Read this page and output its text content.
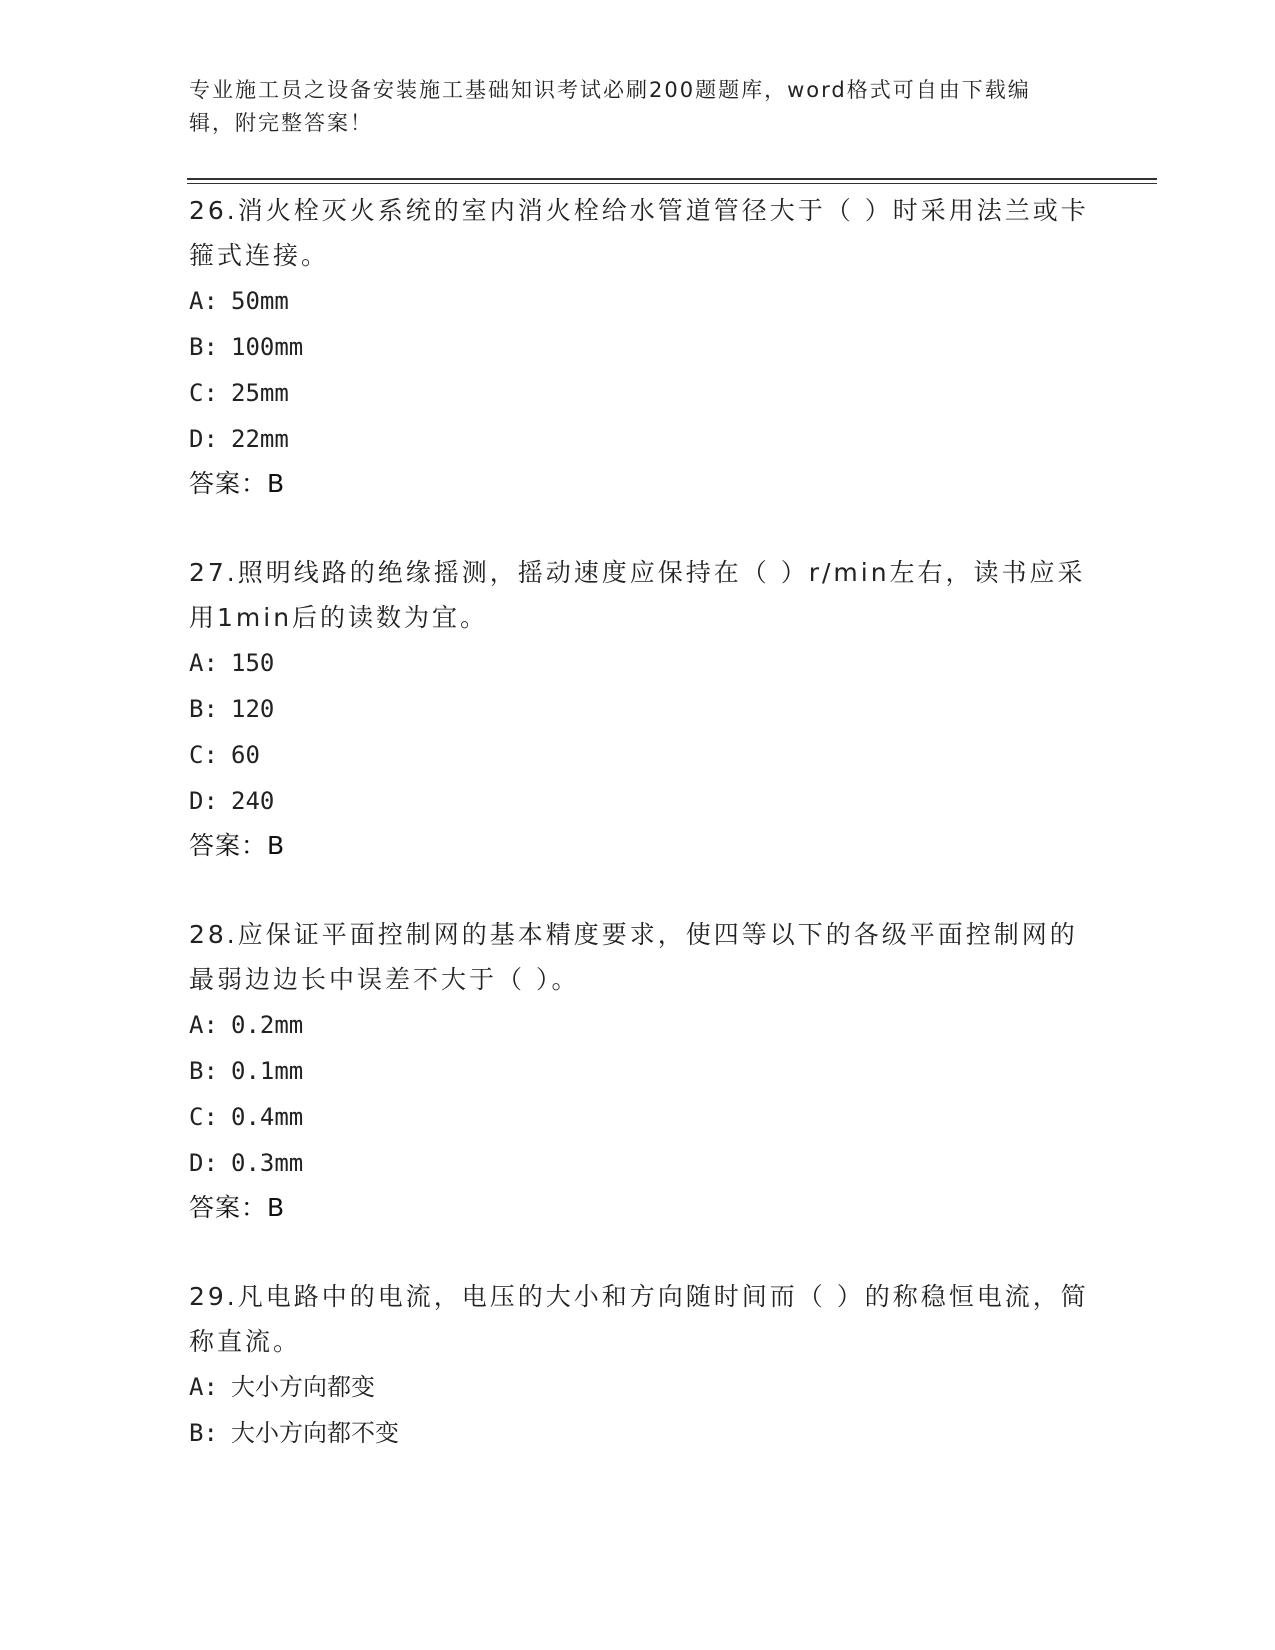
专业施工员之设备安装施工基础知识考试必刷200题题库，word格式可自由下载编辑，附完整答案！

26.消火栓灭火系统的室内消火栓给水管道管径大于（ ）时采用法兰或卡箍式连接。

A: 50mm
B: 100mm
C: 25mm
D: 22mm
答案：B

27.照明线路的绝缘摇测，摇动速度应保持在（ ）r/min左右，读书应采用1min后的读数为宜。

A: 150
B: 120
C: 60
D: 240
答案：B

28.应保证平面控制网的基本精度要求，使四等以下的各级平面控制网的最弱边边长中误差不大于（ ）。

A: 0.2mm
B: 0.1mm
C: 0.4mm
D: 0.3mm
答案：B

29.凡电路中的电流，电压的大小和方向随时间而（ ）的称稳恒电流，简称直流。

A: 大小方向都变
B: 大小方向都不变
